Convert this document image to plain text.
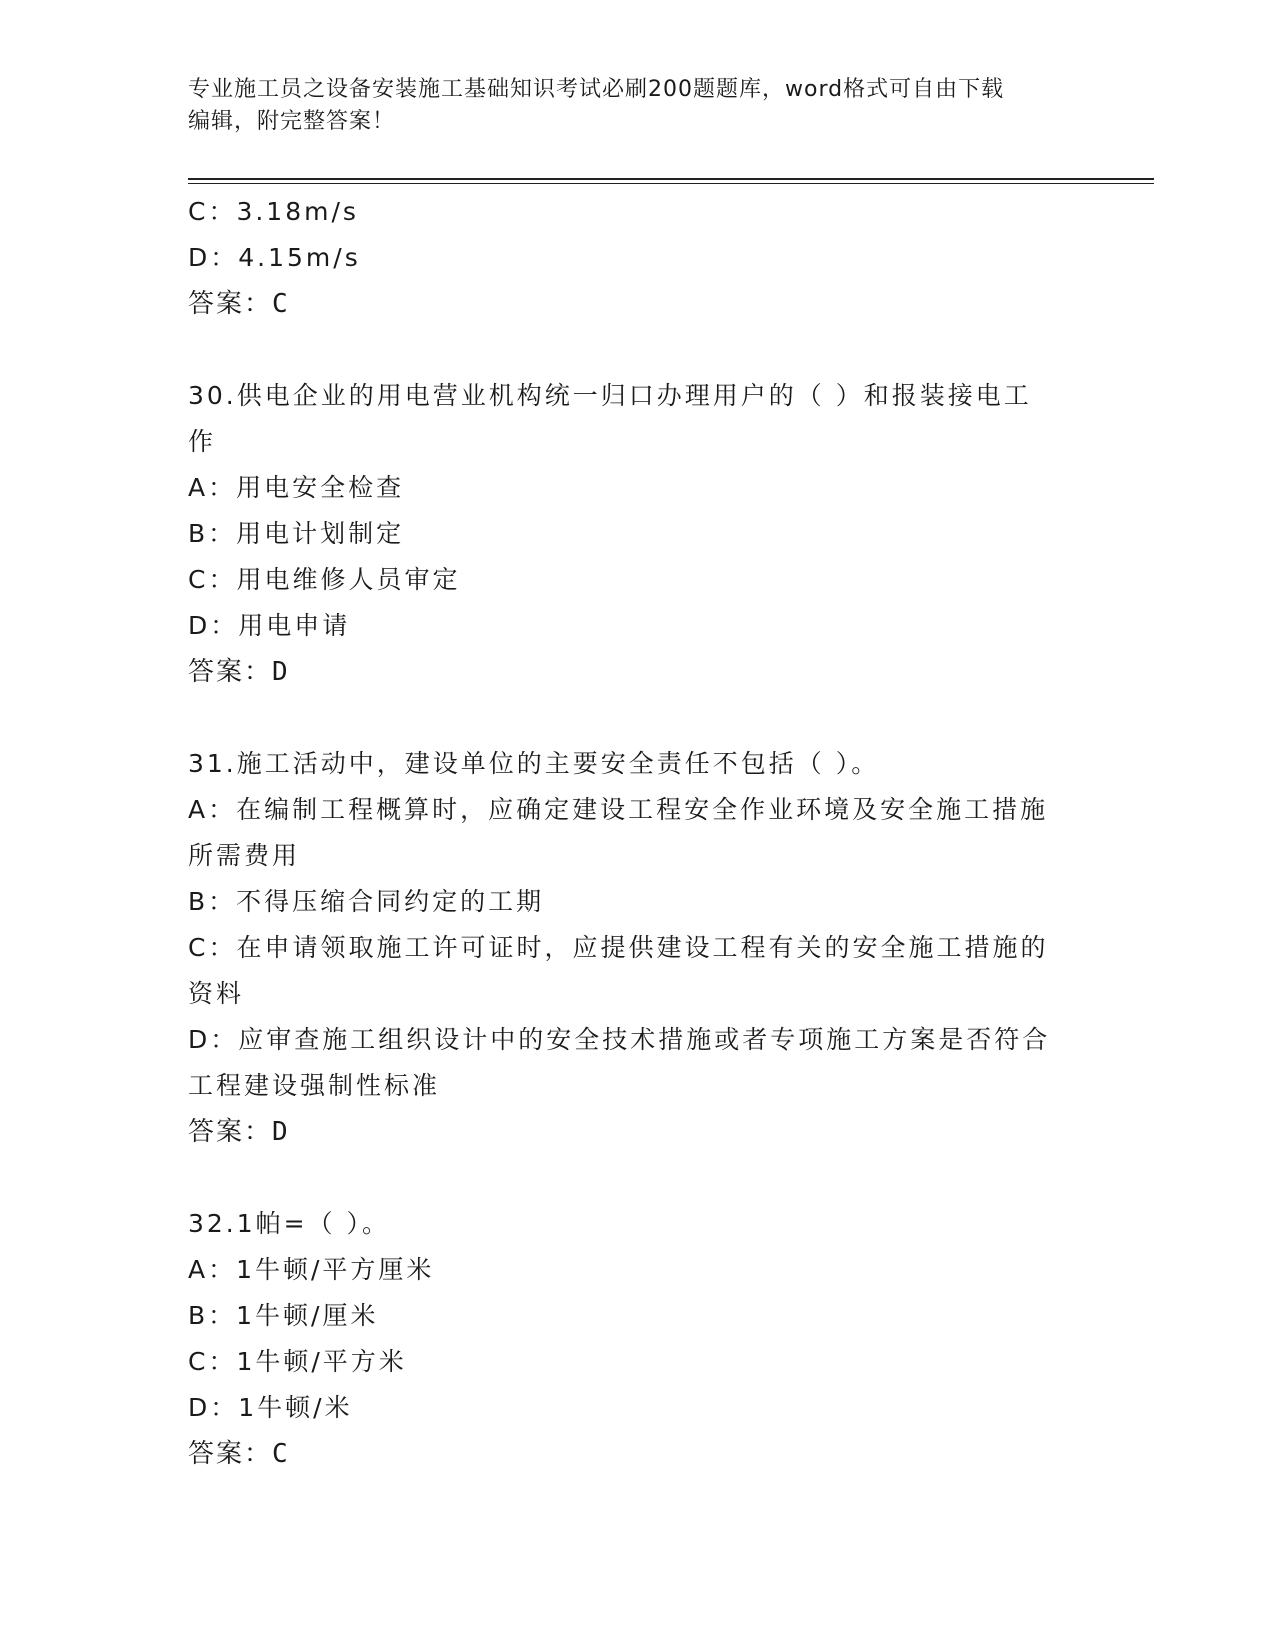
专业施工员之设备安装施工基础知识考试必刷200题题库，word格式可自由下载
编辑，附完整答案！
C：3.18m/s
D：4.15m/s
答案：C
30.供电企业的用电营业机构统一归口办理用户的（ ）和报装接电工
作
A：用电安全检查
B：用电计划制定
C：用电维修人员审定
D：用电申请
答案：D
31.施工活动中，建设单位的主要安全责任不包括（ ）。
A：在编制工程概算时，应确定建设工程安全作业环境及安全施工措施
所需费用
B：不得压缩合同约定的工期
C：在申请领取施工许可证时，应提供建设工程有关的安全施工措施的
资料
D：应审查施工组织设计中的安全技术措施或者专项施工方案是否符合
工程建设强制性标准
答案：D
32.1帕=（ ）。
A：1牛顿/平方厘米
B：1牛顿/厘米
C：1牛顿/平方米
D：1牛顿/米
答案：C
